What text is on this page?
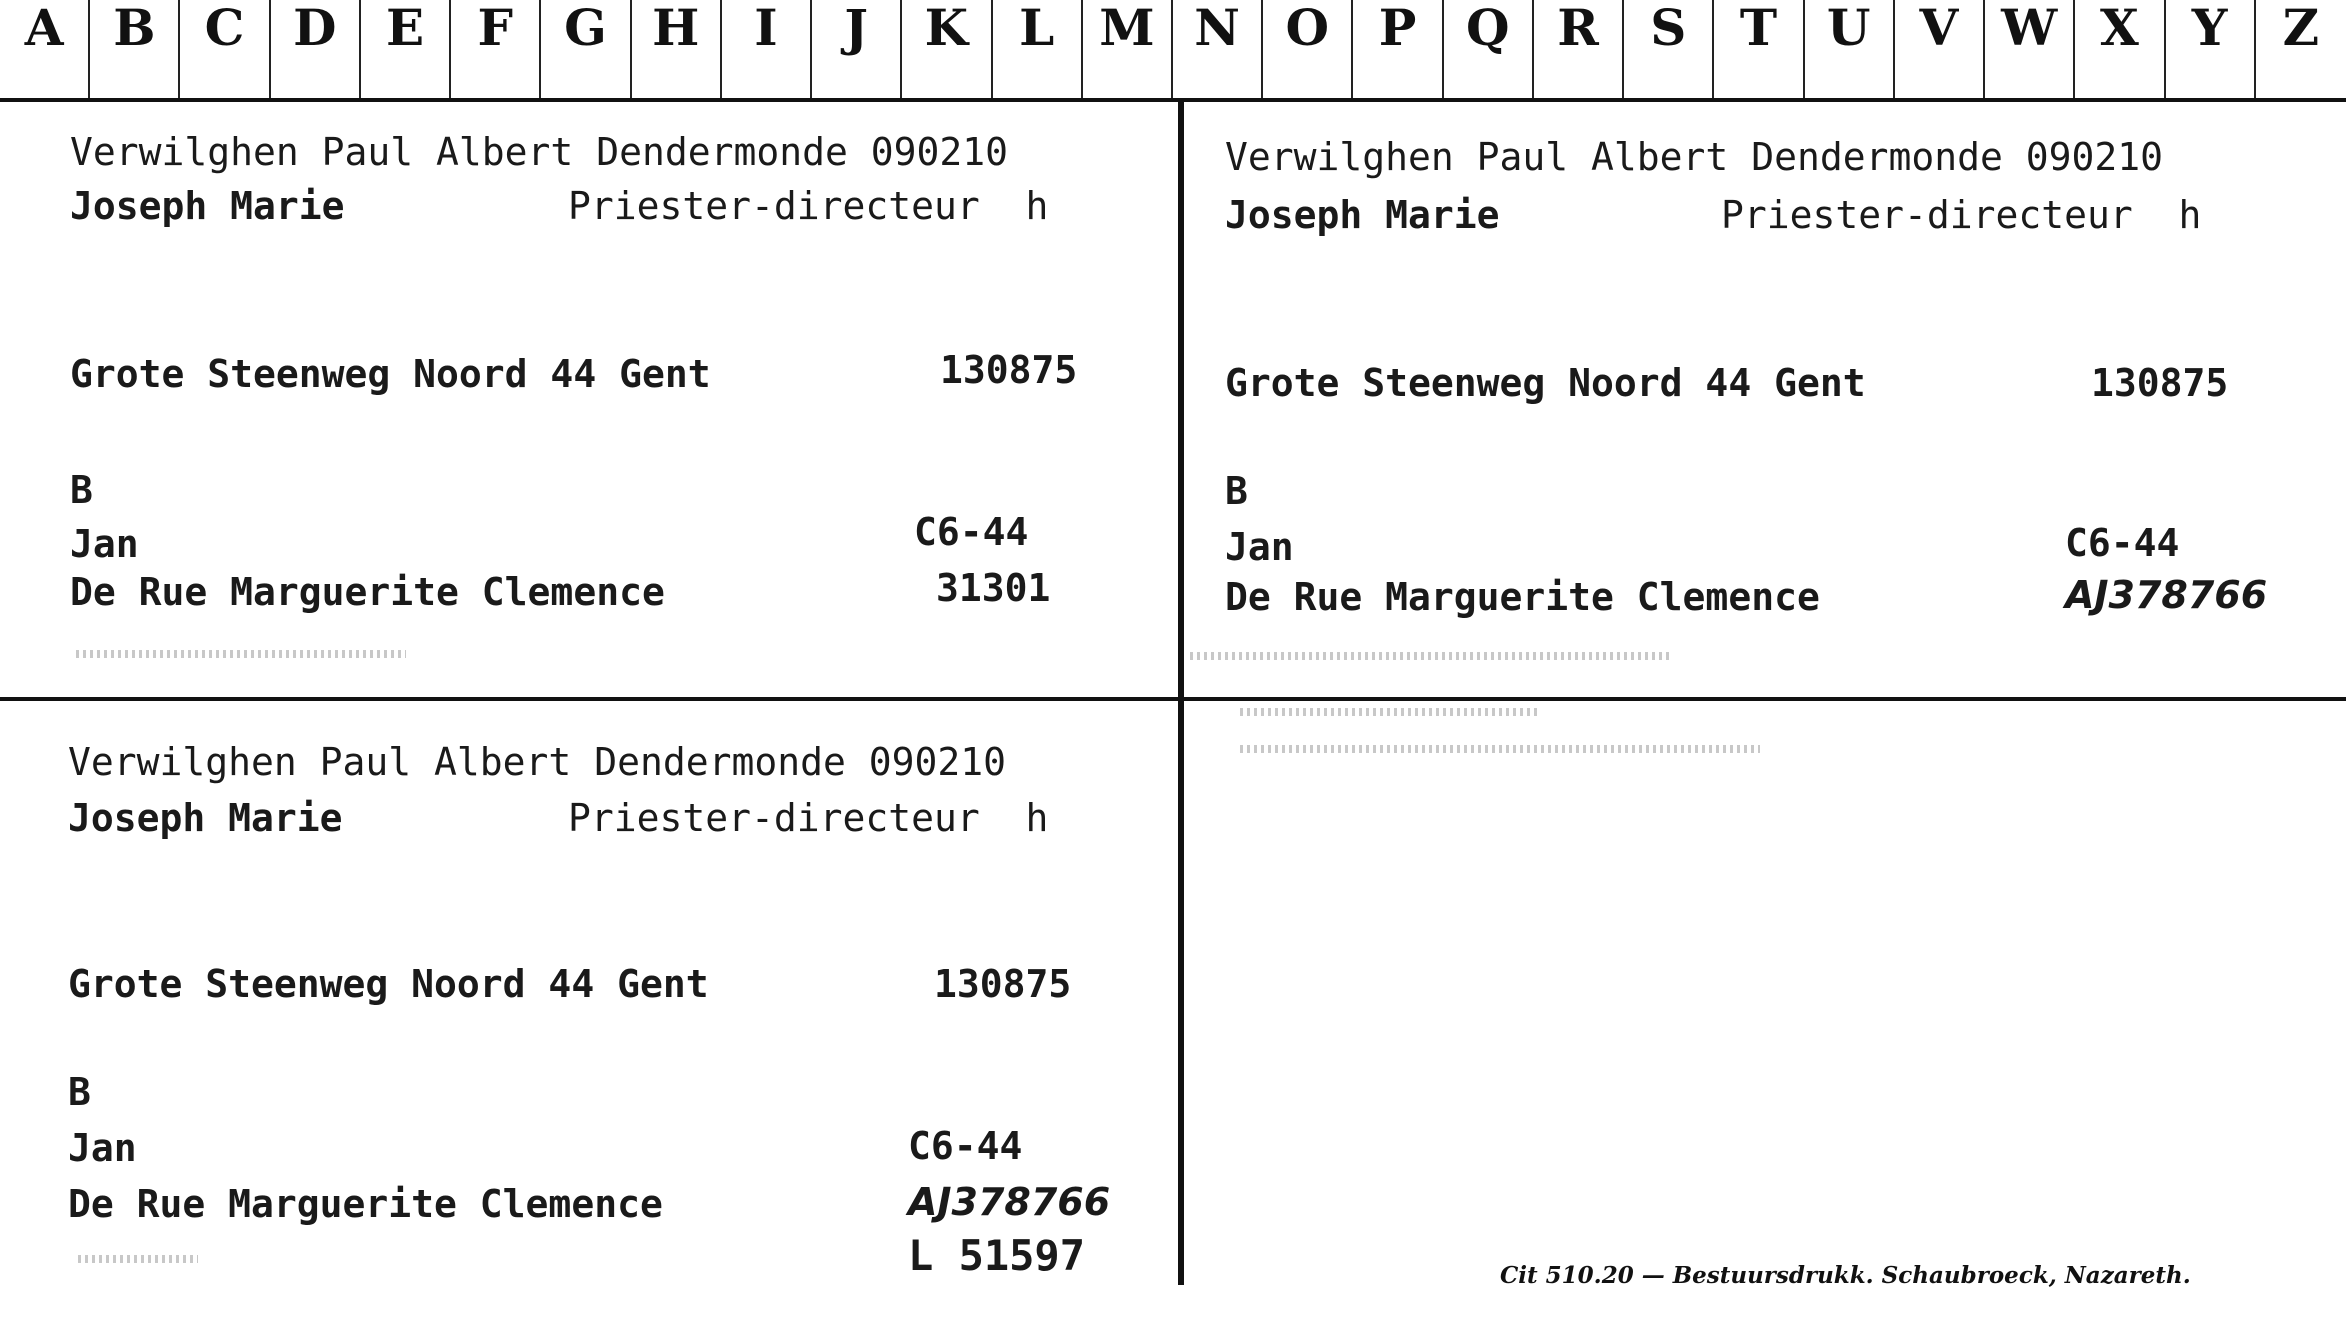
A B C D E	F	G H	I	J	K	L M N O P Q R	S	T U V W X	Y	Z
Verwilghen Paul Albert Dendermonde 090210
Joseph Marie	Priester-directeur  h
Grote Steenweg Noord 44 Gent	130875
B
Jan	C6-44
De Rue Marguerite Clemence	31301
Verwilghen Paul Albert Dendermonde 090210
Joseph Marie	Priester-directeur  h
Grote Steenweg Noord 44 Gent	130875
B
Jan	C6-44
De Rue Marguerite Clemence	AJ378766
Verwilghen Paul Albert Dendermonde 090210
Joseph Marie	Priester-directeur  h
Grote Steenweg Noord 44 Gent	130875
B
Jan	C6-44
De Rue Marguerite Clemence	AJ378766
L 51597	Cit 510.20 — Bestuursdrukk. Schaubroeck, Nazareth.
